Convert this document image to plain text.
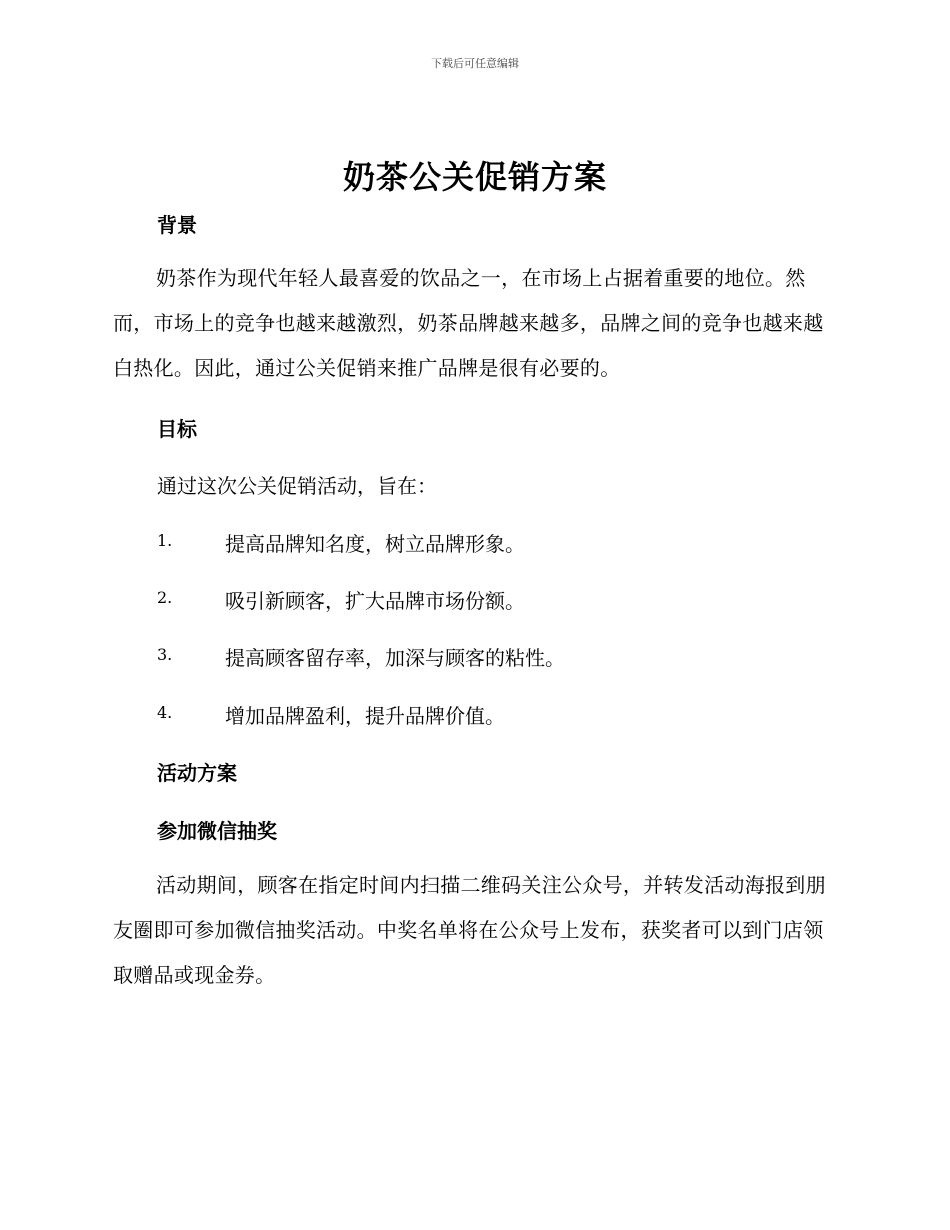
下载后可任意编辑
奶茶公关促销方案
背景
奶茶作为现代年轻人最喜爱的饮品之一，在市场上占据着重要的地位。然而，市场上的竞争也越来越激烈，奶茶品牌越来越多，品牌之间的竞争也越来越白热化。因此，通过公关促销来推广品牌是很有必要的。
目标
通过这次公关促销活动，旨在：
1.	提高品牌知名度，树立品牌形象。
2.	吸引新顾客，扩大品牌市场份额。
3.	提高顾客留存率，加深与顾客的粘性。
4.	增加品牌盈利，提升品牌价值。
活动方案
参加微信抽奖
活动期间，顾客在指定时间内扫描二维码关注公众号，并转发活动海报到朋友圈即可参加微信抽奖活动。中奖名单将在公众号上发布，获奖者可以到门店领取赠品或现金券。
